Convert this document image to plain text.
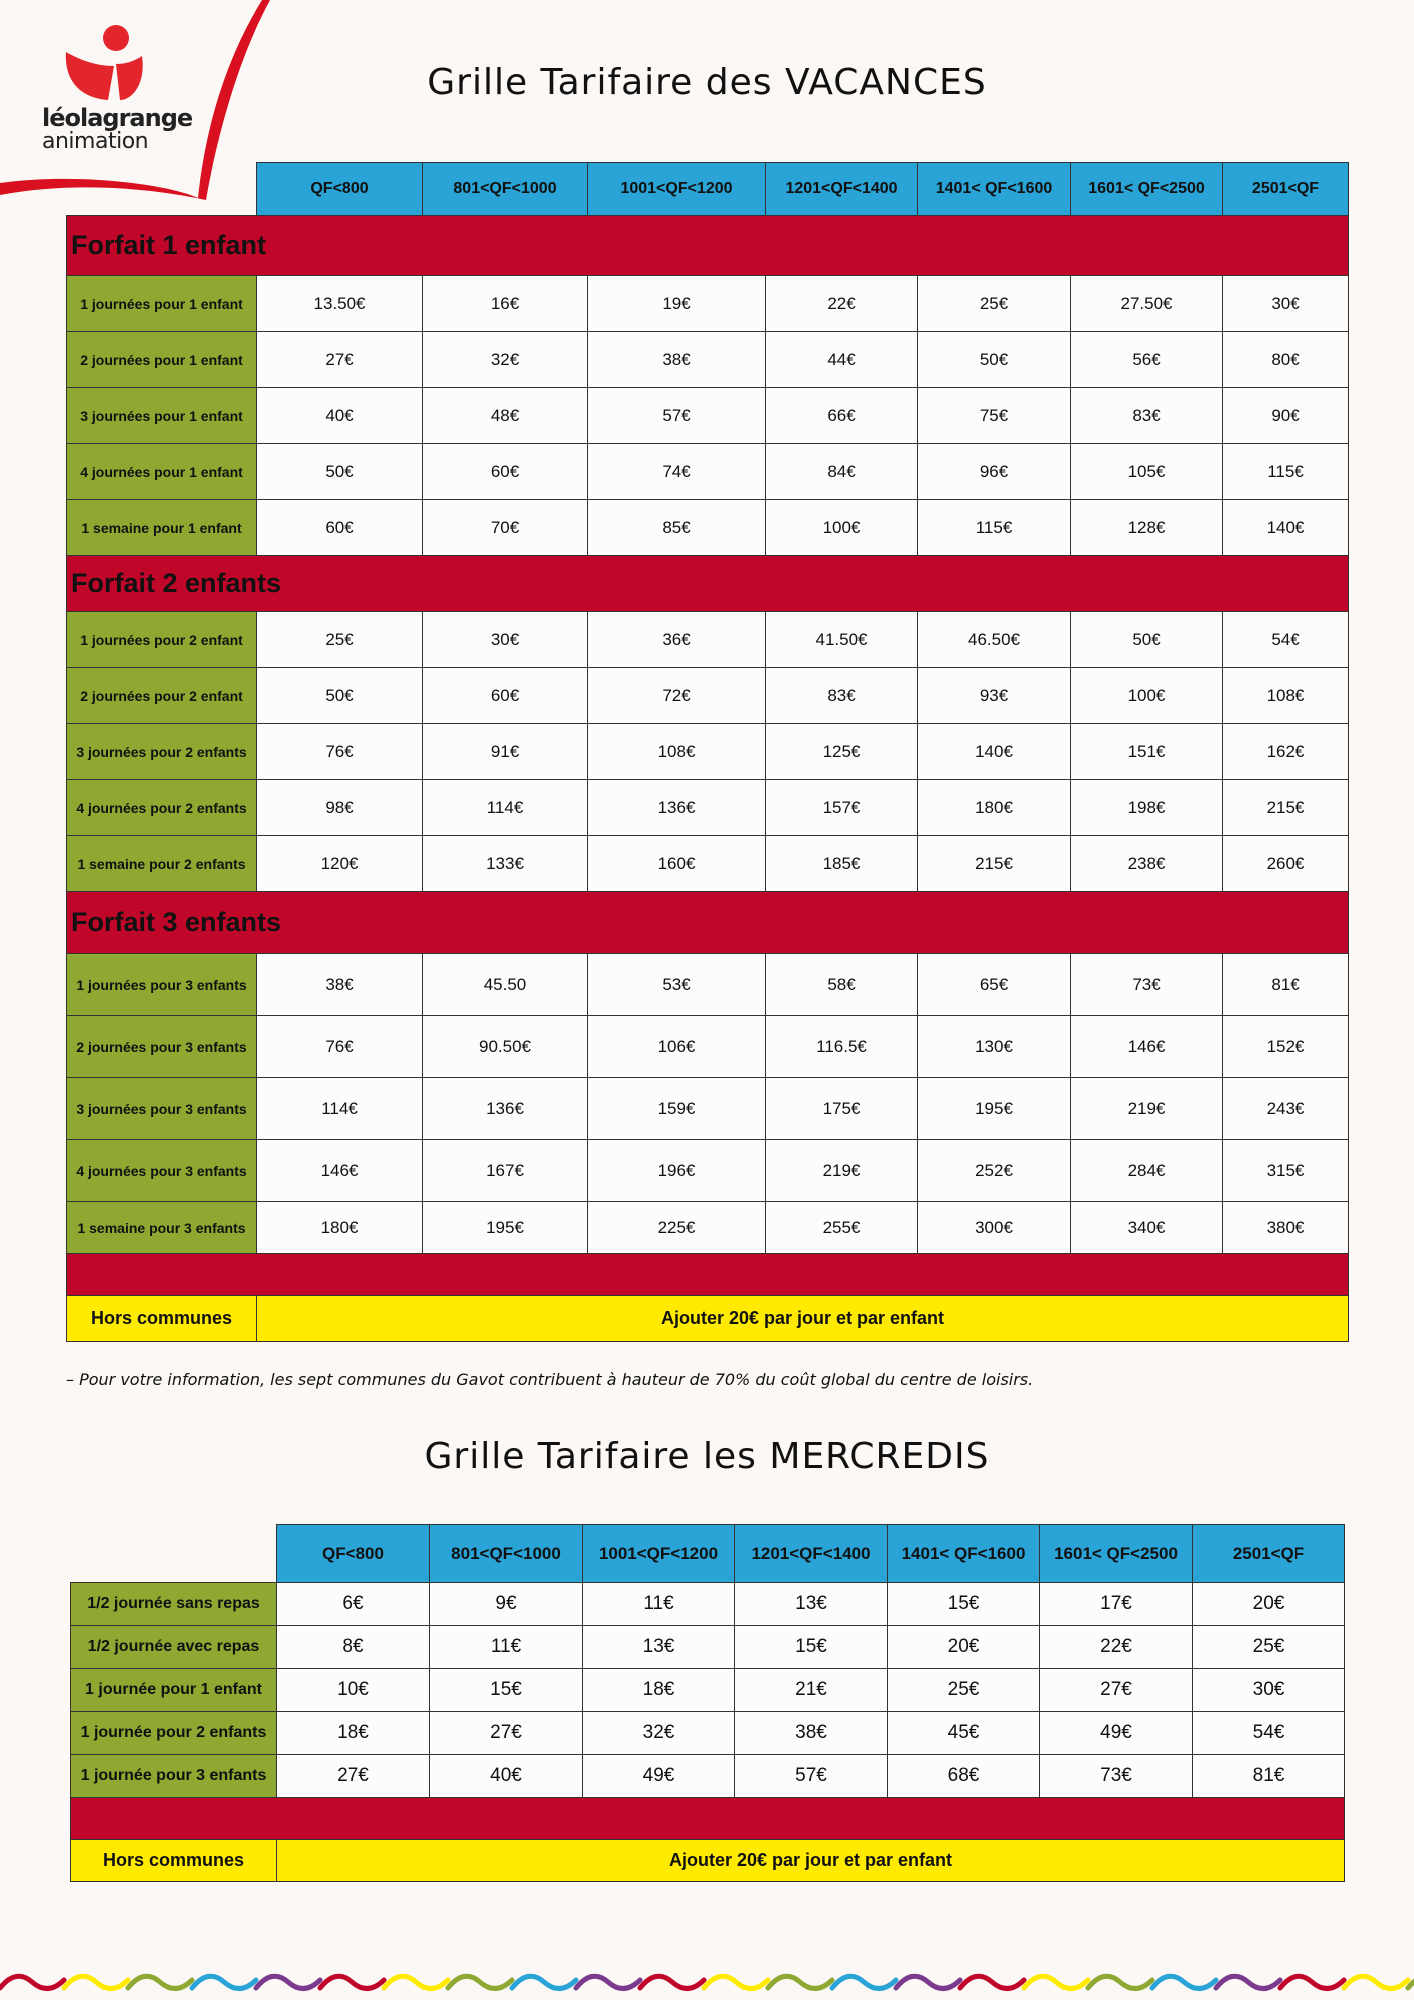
léolagrange
animation
Grille Tarifaire des VACANCES
	QF<800	801<QF<1000	1001<QF<1200	1201<QF<1400	1401< QF<1600	1601< QF<2500	2501<QF
Forfait 1 enfant							
1 journées pour 1 enfant	13.50€	16€	19€	22€	25€	27.50€	30€
2 journées pour 1 enfant	27€	32€	38€	44€	50€	56€	80€
3 journées pour 1 enfant	40€	48€	57€	66€	75€	83€	90€
4 journées pour 1 enfant	50€	60€	74€	84€	96€	105€	115€
1 semaine pour 1 enfant	60€	70€	85€	100€	115€	128€	140€
Forfait 2 enfants							
1 journées pour 2 enfant	25€	30€	36€	41.50€	46.50€	50€	54€
2 journées pour 2 enfant	50€	60€	72€	83€	93€	100€	108€
3 journées pour 2 enfants	76€	91€	108€	125€	140€	151€	162€
4 journées pour 2 enfants	98€	114€	136€	157€	180€	198€	215€
1 semaine pour 2 enfants	120€	133€	160€	185€	215€	238€	260€
Forfait 3 enfants							
1 journées pour 3 enfants	38€	45.50	53€	58€	65€	73€	81€
2 journées pour 3 enfants	76€	90.50€	106€	116.5€	130€	146€	152€
3 journées pour 3 enfants	114€	136€	159€	175€	195€	219€	243€
4 journées pour 3 enfants	146€	167€	196€	219€	252€	284€	315€
1 semaine pour 3 enfants	180€	195€	225€	255€	300€	340€	380€

Hors communes	Ajouter 20€ par jour et par enfant						
– Pour votre information, les sept communes du Gavot contribuent à hauteur de 70% du coût global du centre de loisirs.
Grille Tarifaire les MERCREDIS
	QF<800	801<QF<1000	1001<QF<1200	1201<QF<1400	1401< QF<1600	1601< QF<2500	2501<QF
1/2 journée sans repas	6€	9€	11€	13€	15€	17€	20€
1/2 journée avec repas	8€	11€	13€	15€	20€	22€	25€
1 journée pour 1 enfant	10€	15€	18€	21€	25€	27€	30€
1 journée pour 2 enfants	18€	27€	32€	38€	45€	49€	54€
1 journée pour 3 enfants	27€	40€	49€	57€	68€	73€	81€

Hors communes	Ajouter 20€ par jour et par enfant						
